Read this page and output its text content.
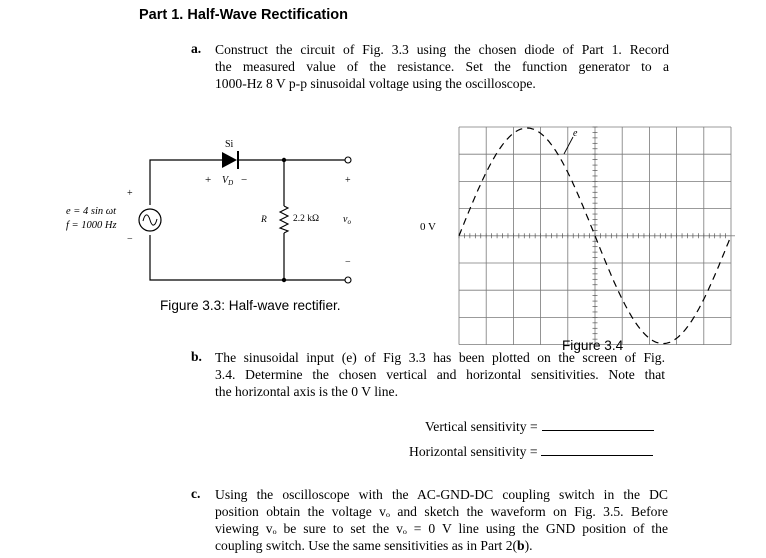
Part 1. Half-Wave Rectification
a. Construct the circuit of Fig. 3.3 using the chosen diode of Part 1. Record
the measured value of the resistance. Set the function generator to a
1000-Hz 8 V p-p sinusoidal voltage using the oscilloscope.
Si
+ $V_D$ −
+
−
e = 4 sin ωt
f = 1000 Hz	R	2.2 kΩ $v_o$
+
−
Figure 3.3: Half-wave rectifier.
e
0 V
Figure 3.4
b. The sinusoidal input (e) of Fig 3.3 has been plotted on the screen of Fig.
3.4. Determine the chosen vertical and horizontal sensitivities. Note that
the horizontal axis is the 0 V line.
Vertical sensitivity =
Horizontal sensitivity =
c. Using the oscilloscope with the AC-GND-DC coupling switch in the DC
position obtain the voltage vₒ and sketch the waveform on Fig. 3.5. Before
viewing vₒ be sure to set the vₒ = 0 V line using the GND position of the
coupling switch. Use the same sensitivities as in Part 2(b).
